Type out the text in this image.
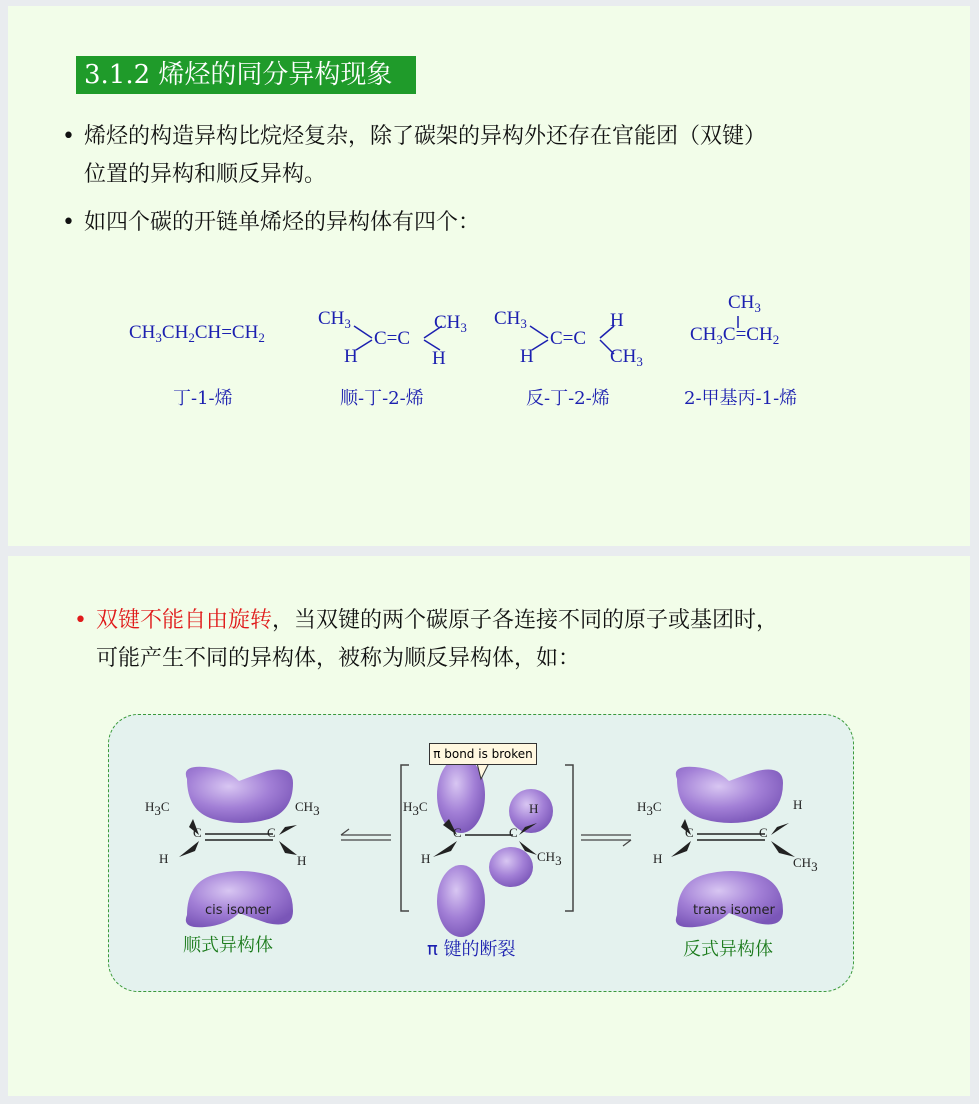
3.1.2 烯烃的同分异构现象
• 烯烃的构造异构比烷烃复杂，除了碳架的异构外还存在官能团（双键）
位置的异构和顺反异构。
• 如四个碳的开链单烯烃的异构体有四个：
$CH_3CH_2CH=CH_2$
$CH_3$	$CH_3$
C=C
H	H
$CH_3$	H
C=C
H	$CH_3$
$CH_3$
$CH_3C=CH_2$
丁-1-烯	顺-丁-2-烯	反-丁-2-烯	2-甲基丙-1-烯
• 双键不能自由旋转，当双键的两个碳原子各连接不同的原子或基团时，
可能产生不同的异构体，被称为顺反异构体，如：
π bond is broken
$H_3C$
C	C
$CH_3$
H	H
$H_3C$
C	C
H
H	$CH_3$
$H_3C$
C	C
H
H	$CH_3$
cis isomer	trans isomer
顺式异构体	π 键的断裂	反式异构体
